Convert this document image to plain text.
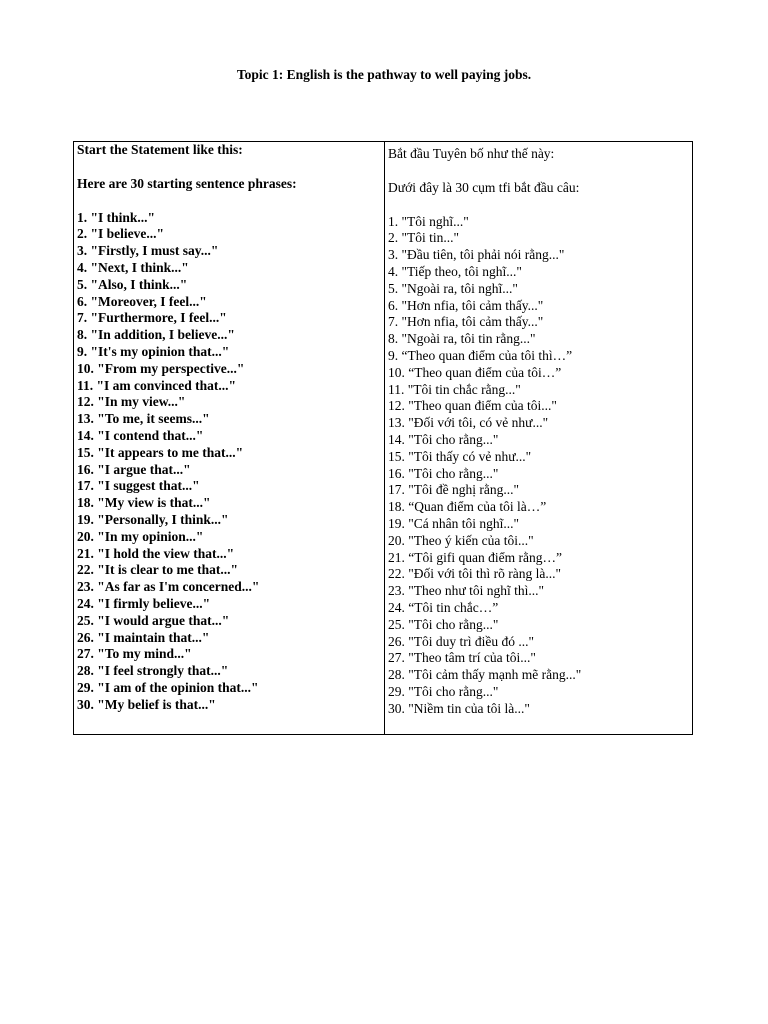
Topic 1: English is the pathway to well paying jobs.

Start the Statement like this:

Here are 30 starting sentence phrases:

1. "I think..."
2. "I believe..."
3. "Firstly, I must say..."
4. "Next, I think..."
5. "Also, I think..."
6. "Moreover, I feel..."
7. "Furthermore, I feel..."
8. "In addition, I believe..."
9. "It's my opinion that..."
10. "From my perspective..."
11. "I am convinced that..."
12. "In my view..."
13. "To me, it seems..."
14. "I contend that..."
15. "It appears to me that..."
16. "I argue that..."
17. "I suggest that..."
18. "My view is that..."
19. "Personally, I think..."
20. "In my opinion..."
21. "I hold the view that..."
22. "It is clear to me that..."
23. "As far as I'm concerned..."
24. "I firmly believe..."
25. "I would argue that..."
26. "I maintain that..."
27. "To my mind..."
28. "I feel strongly that..."
29. "I am of the opinion that..."
30. "My belief is that..."

Bắt đầu Tuyên bố như thế này:

Dưới đây là 30 cụm tfi bắt đầu câu:

1. "Tôi nghĩ..."
2. "Tôi tin..."
3. "Đầu tiên, tôi phải nói rằng..."
4. "Tiếp theo, tôi nghĩ..."
5. "Ngoài ra, tôi nghĩ..."
6. "Hơn nfia, tôi cảm thấy..."
7. "Hơn nfia, tôi cảm thấy..."
8. "Ngoài ra, tôi tin rằng..."
9. “Theo quan điểm của tôi thì…”
10. “Theo quan điểm của tôi…”
11. "Tôi tin chắc rằng..."
12. "Theo quan điểm của tôi..."
13. "Đối với tôi, có vẻ như..."
14. "Tôi cho rằng..."
15. "Tôi thấy có vẻ như..."
16. "Tôi cho rằng..."
17. "Tôi đề nghị rằng..."
18. “Quan điểm của tôi là…”
19. "Cá nhân tôi nghĩ..."
20. "Theo ý kiến của tôi..."
21. “Tôi gifi quan điểm rằng…”
22. "Đối với tôi thì rõ ràng là..."
23. "Theo như tôi nghĩ thì..."
24. “Tôi tin chắc…”
25. "Tôi cho rằng..."
26. "Tôi duy trì điều đó ..."
27. "Theo tâm trí của tôi..."
28. "Tôi cảm thấy mạnh mẽ rằng..."
29. "Tôi cho rằng..."
30. "Niềm tin của tôi là..."
